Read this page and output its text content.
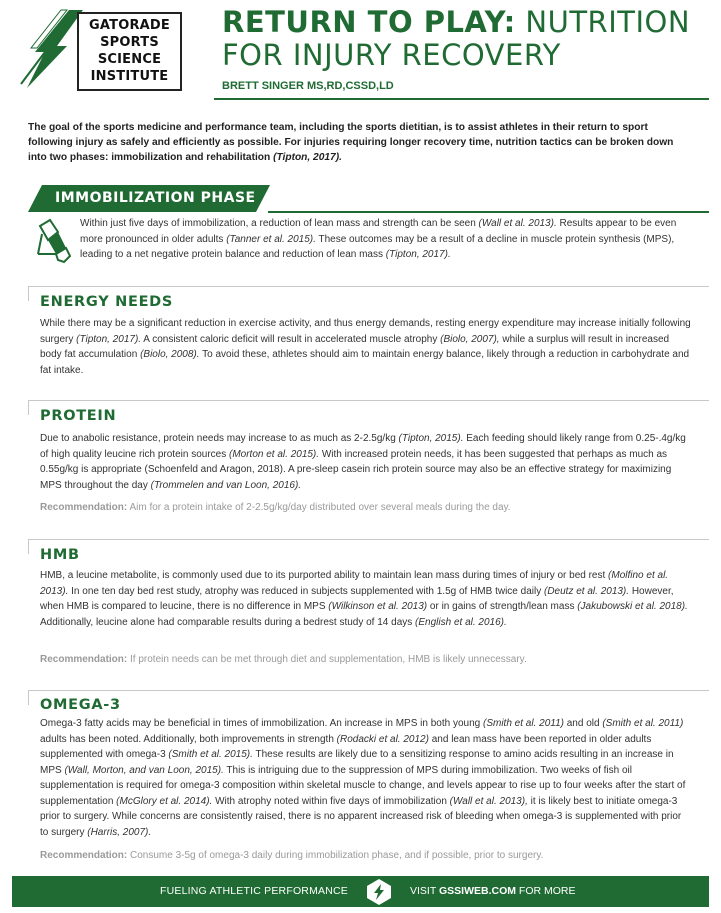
GATORADE
SPORTS
SCIENCE
INSTITUTE
RETURN TO PLAY: NUTRITION
FOR INJURY RECOVERY
BRETT SINGER MS,RD,CSSD,LD
The goal of the sports medicine and performance team, including the sports dietitian, is to assist athletes in their return to sport following injury as safely and efficiently as possible. For injuries requiring longer recovery time, nutrition tactics can be broken down into two phases: immobilization and rehabilitation (Tipton, 2017).
IMMOBILIZATION PHASE
Within just five days of immobilization, a reduction of lean mass and strength can be seen (Wall et al. 2013). Results appear to be even more pronounced in older adults (Tanner et al. 2015). These outcomes may be a result of a decline in muscle protein synthesis (MPS), leading to a net negative protein balance and reduction of lean mass (Tipton, 2017).
ENERGY NEEDS
While there may be a significant reduction in exercise activity, and thus energy demands, resting energy expenditure may increase initially following surgery (Tipton, 2017). A consistent caloric deficit will result in accelerated muscle atrophy (Biolo, 2007), while a surplus will result in increased body fat accumulation (Biolo, 2008). To avoid these, athletes should aim to maintain energy balance, likely through a reduction in carbohydrate and fat intake.
PROTEIN
Due to anabolic resistance, protein needs may increase to as much as 2-2.5g/kg (Tipton, 2015). Each feeding should likely range from 0.25-.4g/kg of high quality leucine rich protein sources (Morton et al. 2015). With increased protein needs, it has been suggested that perhaps as much as 0.55g/kg is appropriate (Schoenfeld and Aragon, 2018). A pre-sleep casein rich protein source may also be an effective strategy for maximizing MPS throughout the day (Trommelen and van Loon, 2016).
Recommendation: Aim for a protein intake of 2-2.5g/kg/day distributed over several meals during the day.
HMB
HMB, a leucine metabolite, is commonly used due to its purported ability to maintain lean mass during times of injury or bed rest (Molfino et al. 2013). In one ten day bed rest study, atrophy was reduced in subjects supplemented with 1.5g of HMB twice daily (Deutz et al. 2013). However, when HMB is compared to leucine, there is no difference in MPS (Wilkinson et al. 2013) or in gains of strength/lean mass (Jakubowski et al. 2018). Additionally, leucine alone had comparable results during a bedrest study of 14 days (English et al. 2016).
Recommendation: If protein needs can be met through diet and supplementation, HMB is likely unnecessary.
OMEGA-3
Omega-3 fatty acids may be beneficial in times of immobilization. An increase in MPS in both young (Smith et al. 2011) and old (Smith et al. 2011) adults has been noted. Additionally, both improvements in strength (Rodacki et al. 2012) and lean mass have been reported in older adults supplemented with omega-3 (Smith et al. 2015). These results are likely due to a sensitizing response to amino acids resulting in an increase in MPS (Wall, Morton, and van Loon, 2015). This is intriguing due to the suppression of MPS during immobilization. Two weeks of fish oil supplementation is required for omega-3 composition within skeletal muscle to change, and levels appear to rise up to four weeks after the start of supplementation (McGlory et al. 2014). With atrophy noted within five days of immobilization (Wall et al. 2013), it is likely best to initiate omega-3 prior to surgery. While concerns are consistently raised, there is no apparent increased risk of bleeding when omega-3 is supplemented with prior to surgery (Harris, 2007).
Recommendation: Consume 3-5g of omega-3 daily during immobilization phase, and if possible, prior to surgery.
FUELING ATHLETIC PERFORMANCE	VISIT GSSIWEB.COM FOR MORE
